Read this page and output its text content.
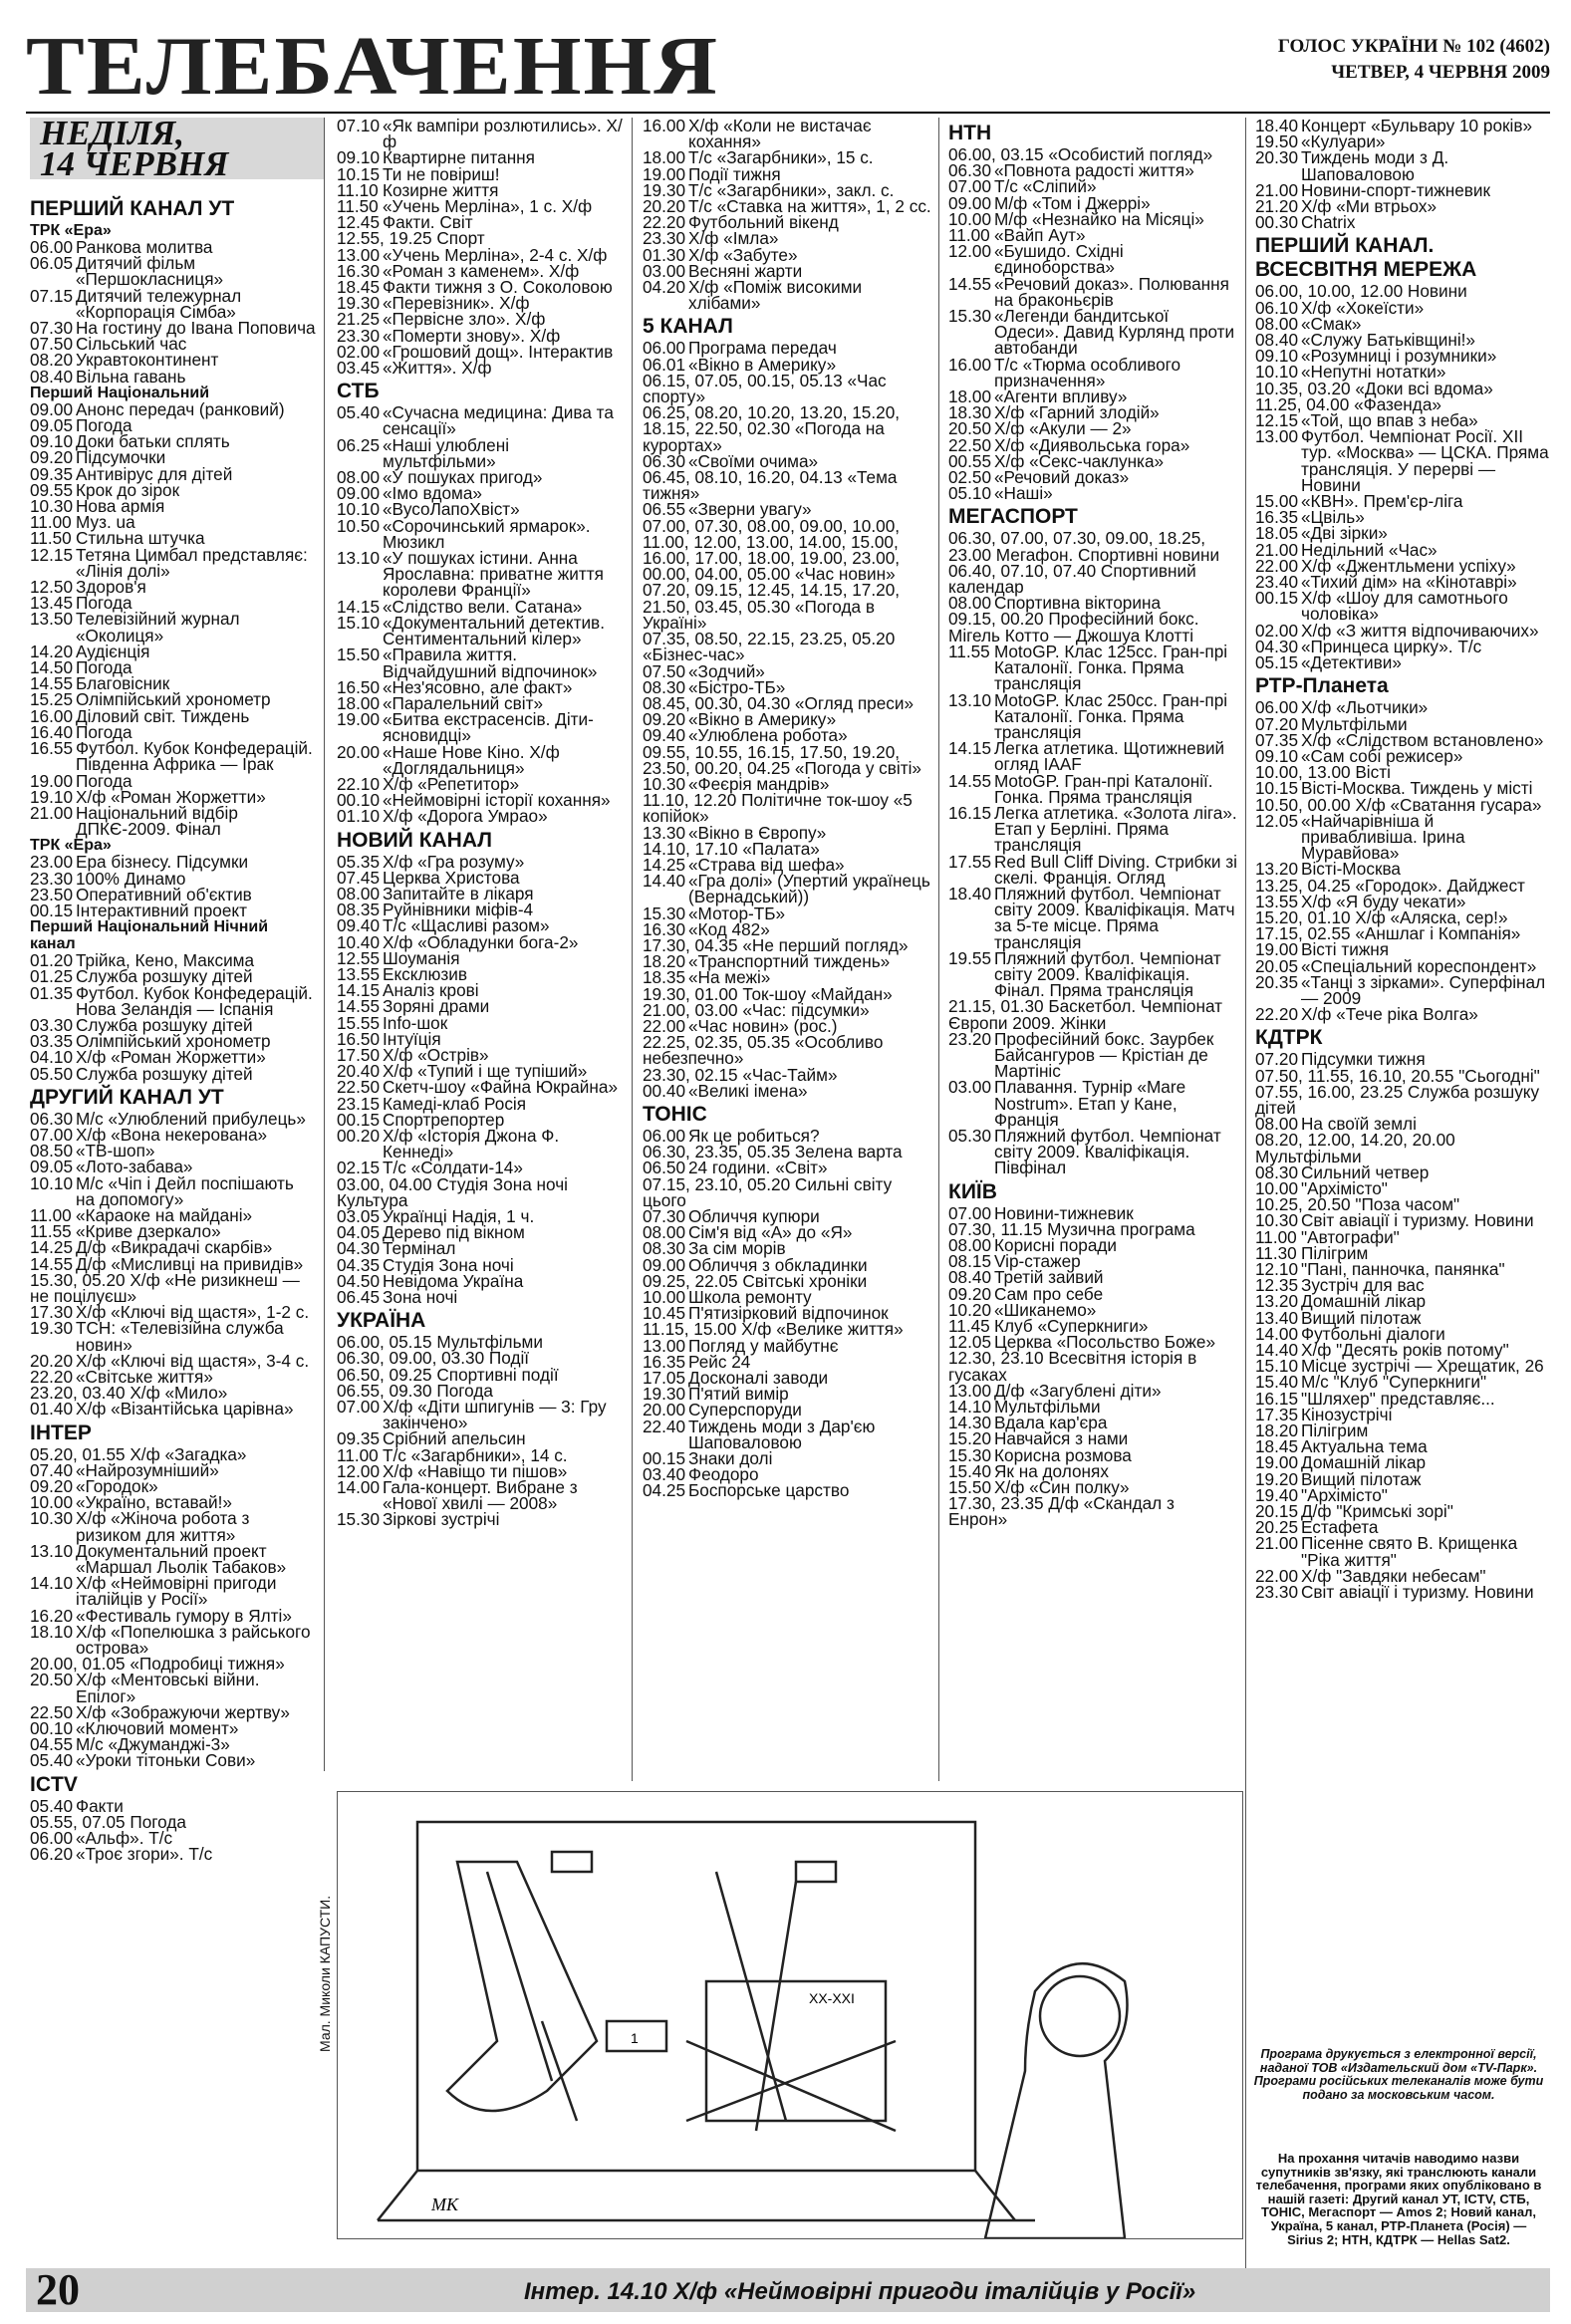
ТЕЛЕБАЧЕННЯ	ГОЛОС УКРАЇНИ № 102 (4602)
ЧЕТВЕР, 4 ЧЕРВНЯ 2009
НЕДІЛЯ,
14 ЧЕРВНЯ
ПЕРШИЙ КАНАЛ УТ
ТРК «Ера»
06.00 Ранкова молитва
06.05 Дитячий фільм «Першокласниця»
07.15 Дитячий тележурнал «Корпорація Сімба»
07.30 На гостину до Івана Поповича
07.50 Сільський час
08.20 Укравтоконтинент
08.40 Вільна гавань
Перший Національний
09.00 Анонс передач (ранковий)
09.05 Погода
09.10 Доки батьки сплять
09.20 Підсумочки
09.35 Антивірус для дітей
09.55 Крок до зірок
10.30 Нова армія
11.00 Муз. ua
11.50 Стильна штучка
12.15 Тетяна Цимбал представляє: «Лінія долі»
12.50 Здоров'я
13.45 Погода
13.50 Телевізійний журнал «Околиця»
14.20 Аудієнція
14.50 Погода
14.55 Благовісник
15.25 Олімпійський хронометр
16.00 Діловий світ. Тиждень
16.40 Погода
16.55 Футбол. Кубок Конфедерацій. Південна Африка — Ірак
19.00 Погода
19.10 Х/ф «Роман Жоржетти»
21.00 Національний відбір ДПКЄ-2009. Фінал
ТРК «Ера»
23.00 Ера бізнесу. Підсумки
23.30 100% Динамо
23.50 Оперативний об'єктив
00.15 Інтерактивний проект
Перший Національний Нічний канал
01.20 Трійка, Кено, Максима
01.25 Служба розшуку дітей
01.35 Футбол. Кубок Конфедерацій. Нова Зеландія — Іспанія
03.30 Служба розшуку дітей
03.35 Олімпійський хронометр
04.10 Х/ф «Роман Жоржетти»
05.50 Служба розшуку дітей
ДРУГИЙ КАНАЛ УТ
06.30 М/с «Улюблений прибулець»
07.00 Х/ф «Вона некерована»
08.50 «ТВ-шоп»
09.05 «Лото-забава»
10.10 М/с «Чіп і Дейл поспішають на допомогу»
11.00 «Караоке на майдані»
11.55 «Криве дзеркало»
14.25 Д/ф «Викрадачі скарбів»
14.55 Д/ф «Мисливці на привидів»
15.30, 05.20 Х/ф «Не ризикнеш — не поцілуєш»
17.30 Х/ф «Ключі від щастя», 1-2 с.
19.30 ТСН: «Телевізійна служба новин»
20.20 Х/ф «Ключі від щастя», 3-4 с.
22.20 «Світське життя»
23.20, 03.40 Х/ф «Мило»
01.40 Х/ф «Візантійська царівна»
ІНТЕР
05.20, 01.55 Х/ф «Загадка»
07.40 «Найрозумніший»
09.20 «Городок»
10.00 «Україно, вставай!»
10.30 Х/ф «Жіноча робота з ризиком для життя»
13.10 Документальний проект «Маршал Льолік Табаков»
14.10 Х/ф «Неймовірні пригоди італійців у Росії»
16.20 «Фестиваль гумору в Ялті»
18.10 Х/ф «Попелюшка з райського острова»
20.00, 01.05 «Подробиці тижня»
20.50 Х/ф «Ментовські війни. Епілог»
22.50 Х/ф «Зображуючи жертву»
00.10 «Ключовий момент»
04.55 М/с «Джуманджі-3»
05.40 «Уроки тітоньки Сови»
ICTV
05.40 Факти
05.55, 07.05 Погода
06.00 «Альф». Т/с
06.20 «Трoє згори». Т/с
07.10 «Як вампіри розлютились». Х/ф
09.10 Квартирне питання
10.15 Ти не повіриш!
11.10 Козирне життя
11.50 «Учень Мерліна», 1 с. Х/ф
12.45 Факти. Світ
12.55, 19.25 Спорт
13.00 «Учень Мерліна», 2-4 с. Х/ф
16.30 «Роман з каменем». Х/ф
18.45 Факти тижня з О. Соколовою
19.30 «Перевізник». Х/ф
21.25 «Первісне зло». Х/ф
23.30 «Померти знову». Х/ф
02.00 «Грошовий дощ». Інтерактив
03.45 «Життя». Х/ф
СТБ
05.40 «Сучасна медицина: Дива та сенсації»
06.25 «Наші улюблені мультфільми»
08.00 «У пошуках пригод»
09.00 «Імо вдома»
10.10 «ВусоЛапоХвіст»
10.50 «Сорочинський ярмарок». Мюзикл
13.10 «У пошуках істини. Анна Ярославна: приватне життя королеви Франції»
14.15 «Слідство вели. Сатана»
15.10 «Документальний детектив. Сентиментальний кілер»
15.50 «Правила життя. Відчайдушний відпочинок»
16.50 «Нез'ясовно, але факт»
18.00 «Паралельний світ»
19.00 «Битва екстрасенсів. Діти-ясновидці»
20.00 «Наше Нове Кіно. Х/ф «Доглядальниця»
22.10 Х/ф «Репетитор»
00.10 «Неймовірні історії кохання»
01.10 Х/ф «Дорога Умрао»
НОВИЙ КАНАЛ
05.35 Х/ф «Гра розуму»
07.45 Церква Христова
08.00 Запитайте в лікаря
08.35 Руйнівники міфів-4
09.40 Т/с «Щасливі разом»
10.40 Х/ф «Обладунки бога-2»
12.55 Шоуманія
13.55 Ексклюзив
14.15 Аналіз крові
14.55 Зоряні драми
15.55 Info-шок
16.50 Інтуїція
17.50 Х/ф «Острів»
20.40 Х/ф «Тупий і ще тупіший»
22.50 Скетч-шоу «Файна Юкрайна»
23.15 Камеді-клаб Росія
00.15 Спортрепортер
00.20 Х/ф «Історія Джона Ф. Кеннеді»
02.15 Т/с «Солдати-14»
03.00, 04.00 Студія Зона ночі Культура
03.05 Українці Надія, 1 ч.
04.05 Дерево під вікном
04.30 Термінал
04.35 Студія Зона ночі
04.50 Невідома Україна
06.45 Зона ночі
УКРАЇНА
06.00, 05.15 Мультфільми
06.30, 09.00, 03.30 Події
06.50, 09.25 Спортивні події
06.55, 09.30 Погода
07.00 Х/ф «Діти шпигунів — 3: Гру закінчено»
09.35 Срібний апельсин
11.00 Т/с «Загарбники», 14 с.
12.00 Х/ф «Навіщо ти пішов»
14.00 Гала-концерт. Вибране з «Нової хвилі — 2008»
15.30 Зіркові зустрічі
16.00 Х/ф «Коли не вистачає кохання»
18.00 Т/с «Загарбники», 15 с.
19.00 Події тижня
19.30 Т/с «Загарбники», закл. с.
20.20 Т/с «Ставка на життя», 1, 2 сс.
22.20 Футбольний вікенд
23.30 Х/ф «Імла»
01.30 Х/ф «Забуте»
03.00 Весняні жарти
04.20 Х/ф «Поміж високими хлібами»
5 КАНАЛ
06.00 Програма передач
06.01 «Вікно в Америку»
06.15, 07.05, 00.15, 05.13 «Час спорту»
06.25, 08.20, 10.20, 13.20, 15.20, 18.15, 22.50, 02.30 «Погода на курортах»
06.30 «Своїми очима»
06.45, 08.10, 16.20, 04.13 «Тема тижня»
06.55 «Зверни увагу»
07.00, 07.30, 08.00, 09.00, 10.00, 11.00, 12.00, 13.00, 14.00, 15.00, 16.00, 17.00, 18.00, 19.00, 23.00, 00.00, 04.00, 05.00 «Час новин»
07.20, 09.15, 12.45, 14.15, 17.20, 21.50, 03.45, 05.30 «Погода в Україні»
07.35, 08.50, 22.15, 23.25, 05.20 «Бізнес-час»
07.50 «Зодчий»
08.30 «Бістро-ТБ»
08.45, 00.30, 04.30 «Огляд преси»
09.20 «Вікно в Америку»
09.40 «Улюблена робота»
09.55, 10.55, 16.15, 17.50, 19.20, 23.50, 00.20, 04.25 «Погода у світі»
10.30 «Феєрія мандрів»
11.10, 12.20 Політичне ток-шоу «5 копійок»
13.30 «Вікно в Європу»
14.10, 17.10 «Палата»
14.25 «Страва від шефа»
14.40 «Гра долі» (Упертий українець (Вернадський))
15.30 «Мотор-ТБ»
16.30 «Код 482»
17.30, 04.35 «Не перший погляд»
18.20 «Транспортний тиждень»
18.35 «На межі»
19.30, 01.00 Ток-шоу «Майдан»
21.00, 03.00 «Час: підсумки»
22.00 «Час новин» (рос.)
22.25, 02.35, 05.35 «Особливо небезпечно»
23.30, 02.15 «Час-Тайм»
00.40 «Великі імена»
ТОНІС
06.00 Як це робиться?
06.30, 23.35, 05.35 Зелена варта
06.50 24 години. «Світ»
07.15, 23.10, 05.20 Сильні світу цього
07.30 Обличчя купюри
08.00 Сім'я від «А» до «Я»
08.30 За сім морів
09.00 Обличчя з обкладинки
09.25, 22.05 Світські хроніки
10.00 Школа ремонту
10.45 П'ятизірковий відпочинок
11.15, 15.00 Х/ф «Велике життя»
13.00 Погляд у майбутнє
16.35 Рейс 24
17.05 Досконалі заводи
19.30 П'ятий вимір
20.00 Суперспоруди
22.40 Тиждень моди з Дар'єю Шаповаловою
00.15 Знаки долі
03.40 Феодоро
04.25 Боспорське царство
НТН
06.00, 03.15 «Особистий погляд»
06.30 «Повнота радості життя»
07.00 Т/с «Сліпий»
09.00 М/ф «Том і Джеррі»
10.00 М/ф «Незнайко на Місяці»
11.00 «Вайп Аут»
12.00 «Бушидо. Східні єдиноборства»
14.55 «Речовий доказ». Полювання на браконьєрів
15.30 «Легенди бандитської Одеси». Давид Курлянд проти автобанди
16.00 Т/с «Тюрма особливого призначення»
18.00 «Агенти впливу»
18.30 Х/ф «Гарний злодій»
20.50 Х/ф «Акули — 2»
22.50 Х/ф «Диявольська гора»
00.55 Х/ф «Секс-чаклунка»
02.50 «Речовий доказ»
05.10 «Наші»
МЕГАСПОРТ
06.30, 07.00, 07.30, 09.00, 18.25, 23.00 Мегафон. Спортивні новини
06.40, 07.10, 07.40 Спортивний календар
08.00 Спортивна вікторина
09.15, 00.20 Професійний бокс. Мігель Котто — Джошуа Клотті
11.55 MotoGP. Клас 125сс. Гран-прі Каталонії. Гонка. Пряма трансляція
13.10 MotoGP. Клас 250сс. Гран-прі Каталонії. Гонка. Пряма трансляція
14.15 Легка атлетика. Щотижневий огляд IAAF
14.55 MotoGP. Гран-прі Каталонії. Гонка. Пряма трансляція
16.15 Легка атлетика. «Золота ліга». Етап у Берліні. Пряма трансляція
17.55 Red Bull Cliff Diving. Стрибки зі скелі. Франція. Огляд
18.40 Пляжний футбол. Чемпіонат світу 2009. Кваліфікація. Матч за 5-те місце. Пряма трансляція
19.55 Пляжний футбол. Чемпіонат світу 2009. Кваліфікація. Фінал. Пряма трансляція
21.15, 01.30 Баскетбол. Чемпіонат Європи 2009. Жінки
23.20 Професійний бокс. Заурбек Байсангуров — Крістіан де Мартініс
03.00 Плавання. Турнір «Mare Nostrum». Етап у Кане, Франція
05.30 Пляжний футбол. Чемпіонат світу 2009. Кваліфікація. Півфінал
КИЇВ
07.00 Новини-тижневик
07.30, 11.15 Музична програма
08.00 Корисні поради
08.15 Vip-стажер
08.40 Третій зайвий
09.20 Сам про себе
10.20 «Шиканемо»
11.45 Клуб «Суперкниги»
12.05 Церква «Посольство Боже»
12.30, 23.10 Всесвітня історія в гусаках
13.00 Д/ф «Загублені діти»
14.10 Мультфільми
14.30 Вдала кар'єра
15.20 Навчайся з нами
15.30 Корисна розмова
15.40 Як на долонях
15.50 Х/ф «Син полку»
17.30, 23.35 Д/ф «Скандал з Енрон»
18.40 Концерт «Бульвару 10 років»
19.50 «Кулуари»
20.30 Тиждень моди з Д. Шаповаловою
21.00 Новини-спорт-тижневик
21.20 Х/ф «Ми втрьох»
00.30 Chatrix
ПЕРШИЙ КАНАЛ. ВСЕСВІТНЯ МЕРЕЖА
06.00, 10.00, 12.00 Новини
06.10 Х/ф «Хокеїсти»
08.00 «Смак»
08.40 «Служу Батьківщині!»
09.10 «Розумниці і розумники»
10.10 «Непутні нотатки»
10.35, 03.20 «Доки всі вдома»
11.25, 04.00 «Фазенда»
12.15 «Той, що впав з неба»
13.00 Футбол. Чемпіонат Росії. ХІІ тур. «Москва» — ЦСКА. Пряма трансляція. У перерві — Новини
15.00 «КВН». Прем'єр-ліга
16.35 «Цвіль»
18.05 «Дві зірки»
21.00 Недільний «Час»
22.00 Х/ф «Джентльмени успіху»
23.40 «Тихий дім» на «Кінотаврі»
00.15 Х/ф «Шоу для самотнього чоловіка»
02.00 Х/ф «З життя відпочиваючих»
04.30 «Принцеса цирку». Т/с
05.15 «Детективи»
РТР-Планета
06.00 Х/ф «Льотчики»
07.20 Мультфільми
07.35 Х/ф «Слідством встановлено»
09.10 «Сам собі режисер»
10.00, 13.00 Вісті
10.15 Вісті-Москва. Тиждень у місті
10.50, 00.00 Х/ф «Сватання гусара»
12.05 «Найчарівніша й привабливіша. Ірина Муравйова»
13.20 Вісті-Москва
13.25, 04.25 «Городок». Дайджест
13.55 Х/ф «Я буду чекати»
15.20, 01.10 Х/ф «Аляска, сер!»
17.15, 02.55 «Аншлаг і Компанія»
19.00 Вісті тижня
20.05 «Спеціальний кореспондент»
20.35 «Танці з зірками». Суперфінал — 2009
22.20 Х/ф «Тече ріка Волга»
КДТРК
07.20 Підсумки тижня
07.50, 11.55, 16.10, 20.55 "Сьогодні"
07.55, 16.00, 23.25 Служба розшуку дітей
08.00 На своїй землі
08.20, 12.00, 14.20, 20.00 Мультфільми
08.30 Сильний четвер
10.00 "Архімісто"
10.25, 20.50 "Поза часом"
10.30 Світ авіації і туризму. Новини
11.00 "Автографи"
11.30 Пілігрим
12.10 "Пані, панночка, панянка"
12.35 Зустріч для вас
13.20 Домашній лікар
13.40 Вищий пілотаж
14.00 Футбольні діалоги
14.40 Х/ф "Десять років потому"
15.10 Місце зустрічі — Хрещатик, 26
15.40 М/с "Клуб "Суперкниги"
16.15 "Шляхер" представляє...
17.35 Кінозустрічі
18.20 Пілігрим
18.45 Актуальна тема
19.00 Домашній лікар
19.20 Вищий пілотаж
19.40 "Архімісто"
20.15 Д/ф "Кримські зорі"
20.25 Естафета
21.00 Пісенне свято В. Крищенка "Ріка життя"
22.00 Х/ф "Завдяки небесам"
23.30 Світ авіації і туризму. Новини
XX-XXI
1
МК
Мал. Миколи КАПУСТИ.
Програма друкується з електронної версії, наданої ТОВ «Издательский дом «TV-Парк». Програми російських телеканалів може бути подано за московським часом.
На прохання читачів наводимо назви супутників зв'язку, які транслюють канали телебачення, програми яких опубліковано в нашій газеті: Другий канал УТ, ICTV, СТБ, ТОНІС, Мегаспорт — Amos 2; Новий канал, Україна, 5 канал, РТР-Планета (Росія) — Sirius 2; НТН, КДТРК — Hellas Sat2.
20	Інтер. 14.10 Х/ф «Неймовірні пригоди італійців у Росії»
